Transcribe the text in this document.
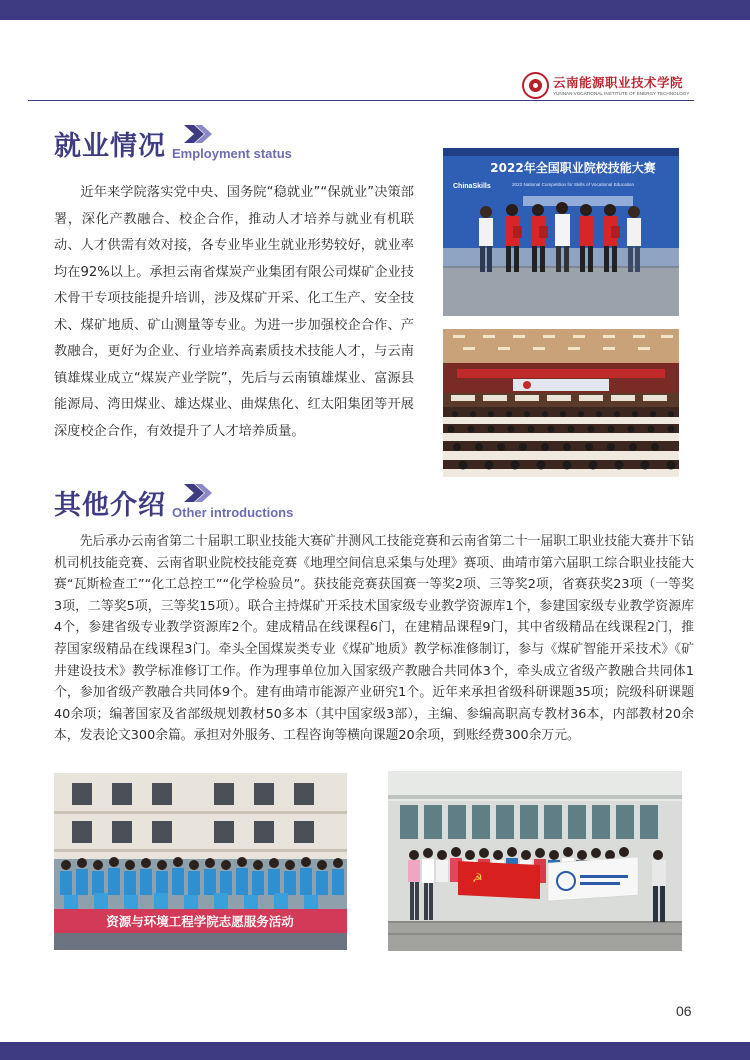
云南能源职业技术学院
YUNNAN VOCATIONAL INSTITUTE OF ENERGY TECHNOLOGY
就业情况 Employment status

近年来学院落实党中央、国务院“稳就业”“保就业”决策部署，深化产教融合、校企合作，推动人才培养与就业有机联动、人才供需有效对接，各专业毕业生就业形势较好，就业率均在92%以上。承担云南省煤炭产业集团有限公司煤矿企业技术骨干专项技能提升培训，涉及煤矿开采、化工生产、安全技术、煤矿地质、矿山测量等专业。为进一步加强校企合作、产教融合，更好为企业、行业培养高素质技术技能人才，与云南镇雄煤业成立“煤炭产业学院”，先后与云南镇雄煤业、富源县能源局、湾田煤业、雄达煤业、曲煤焦化、红太阳集团等开展深度校企合作，有效提升了人才培养质量。

2022年全国职业院校技能大赛
2022 National Competition for Skills of Vocational Education
ChinaSkills
其他介绍 Other introductions

先后承办云南省第二十届职工职业技能大赛矿井测风工技能竞赛和云南省第二十一届职工职业技能大赛井下钻机司机技能竞赛、云南省职业院校技能竞赛《地理空间信息采集与处理》赛项、曲靖市第六届职工综合职业技能大赛“瓦斯检查工”“化工总控工”“化学检验员”。获技能竞赛获国赛一等奖2项、三等奖2项，省赛获奖23项（一等奖3项，二等奖5项，三等奖15项）。联合主持煤矿开采技术国家级专业教学资源库1个，参建国家级专业教学资源库4个，参建省级专业教学资源库2个。建成精品在线课程6门，在建精品课程9门，其中省级精品在线课程2门，推荐国家级精品在线课程3门。牵头全国煤炭类专业《煤矿地质》教学标准修制订，参与《煤矿智能开采技术》《矿井建设技术》教学标准修订工作。作为理事单位加入国家级产教融合共同体3个，牵头成立省级产教融合共同体1个，参加省级产教融合共同体9个。建有曲靖市能源产业研究1个。近年来承担省级科研课题35项；院级科研课题40余项；编著国家及省部级规划教材50多本（其中国家级3部），主编、参编高职高专教材36本，内部教材20余本，发表论文300余篇。承担对外服务、工程咨询等横向课题20余项，到账经费300余万元。

资源与环境工程学院志愿服务活动
☭
06
